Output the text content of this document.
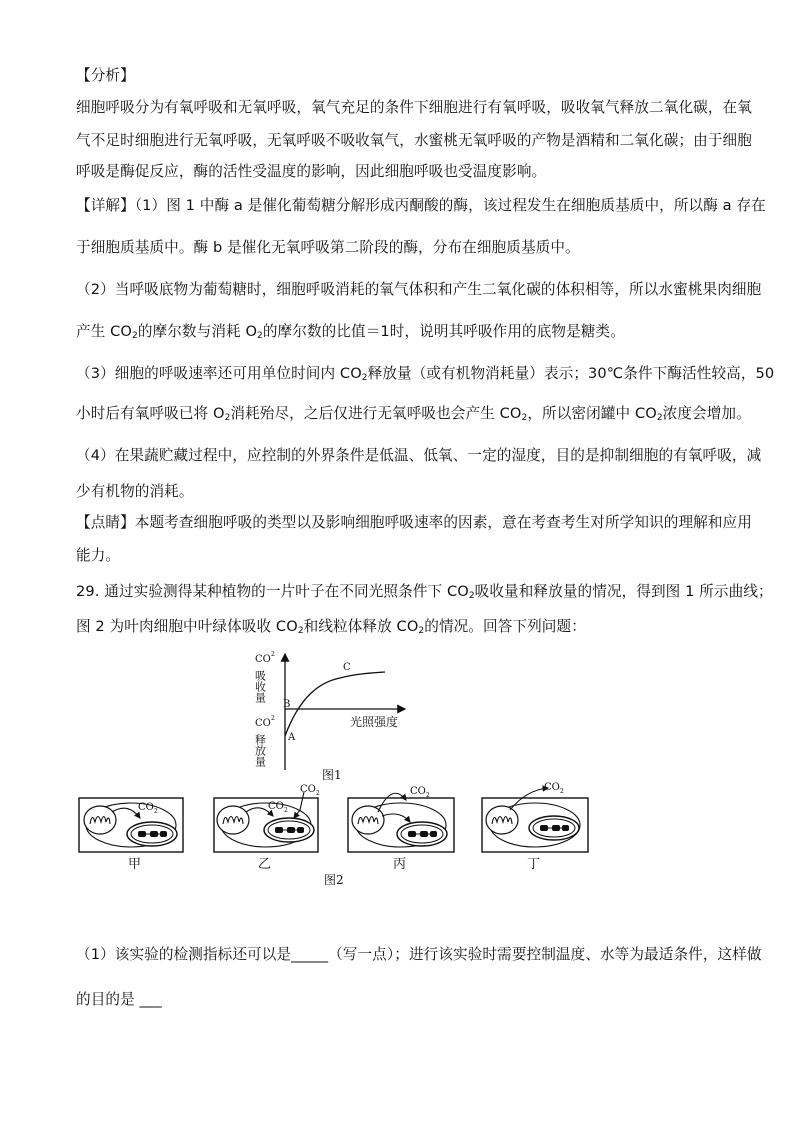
【分析】
细胞呼吸分为有氧呼吸和无氧呼吸，氧气充足的条件下细胞进行有氧呼吸，吸收氧气释放二氧化碳，在氧
气不足时细胞进行无氧呼吸，无氧呼吸不吸收氧气，水蜜桃无氧呼吸的产物是酒精和二氧化碳；由于细胞
呼吸是酶促反应，酶的活性受温度的影响，因此细胞呼吸也受温度影响。
【详解】（1）图 1 中酶 a 是催化葡萄糖分解形成丙酮酸的酶，该过程发生在细胞质基质中，所以酶 a 存在
于细胞质基质中。酶 b 是催化无氧呼吸第二阶段的酶，分布在细胞质基质中。
（2）当呼吸底物为葡萄糖时，细胞呼吸消耗的氧气体积和产生二氧化碳的体积相等，所以水蜜桃果肉细胞
产生 $CO_2$的摩尔数与消耗 $O_2$的摩尔数的比值＝1时，说明其呼吸作用的底物是糖类。
（3）细胞的呼吸速率还可用单位时间内 $CO_2$释放量（或有机物消耗量）表示；30℃条件下酶活性较高，50
小时后有氧呼吸已将 $O_2$消耗殆尽，之后仅进行无氧呼吸也会产生 $CO_2$，所以密闭罐中 $CO_2$浓度会增加。
（4）在果蔬贮藏过程中，应控制的外界条件是低温、低氧、一定的湿度，目的是抑制细胞的有氧呼吸，减
少有机物的消耗。
【点睛】本题考查细胞呼吸的类型以及影响细胞呼吸速率的因素，意在考查考生对所学知识的理解和应用
能力。
29. 通过实验测得某种植物的一片叶子在不同光照条件下 $CO_2$吸收量和释放量的情况，得到图 1 所示曲线；
图 2 为叶肉细胞中叶绿体吸收 $CO_2$和线粒体释放 $CO_2$的情况。回答下列问题：
CO 2
吸收量
CO 2
释放量
光照强度
A
B
C
图1
CO 2	CO 2
CO 2	CO 2
CO 2
甲	乙	丙	丁
图2
（1）该实验的检测指标还可以是_____（写一点）；进行该实验时需要控制温度、水等为最适条件，这样做
的目的是 ___
